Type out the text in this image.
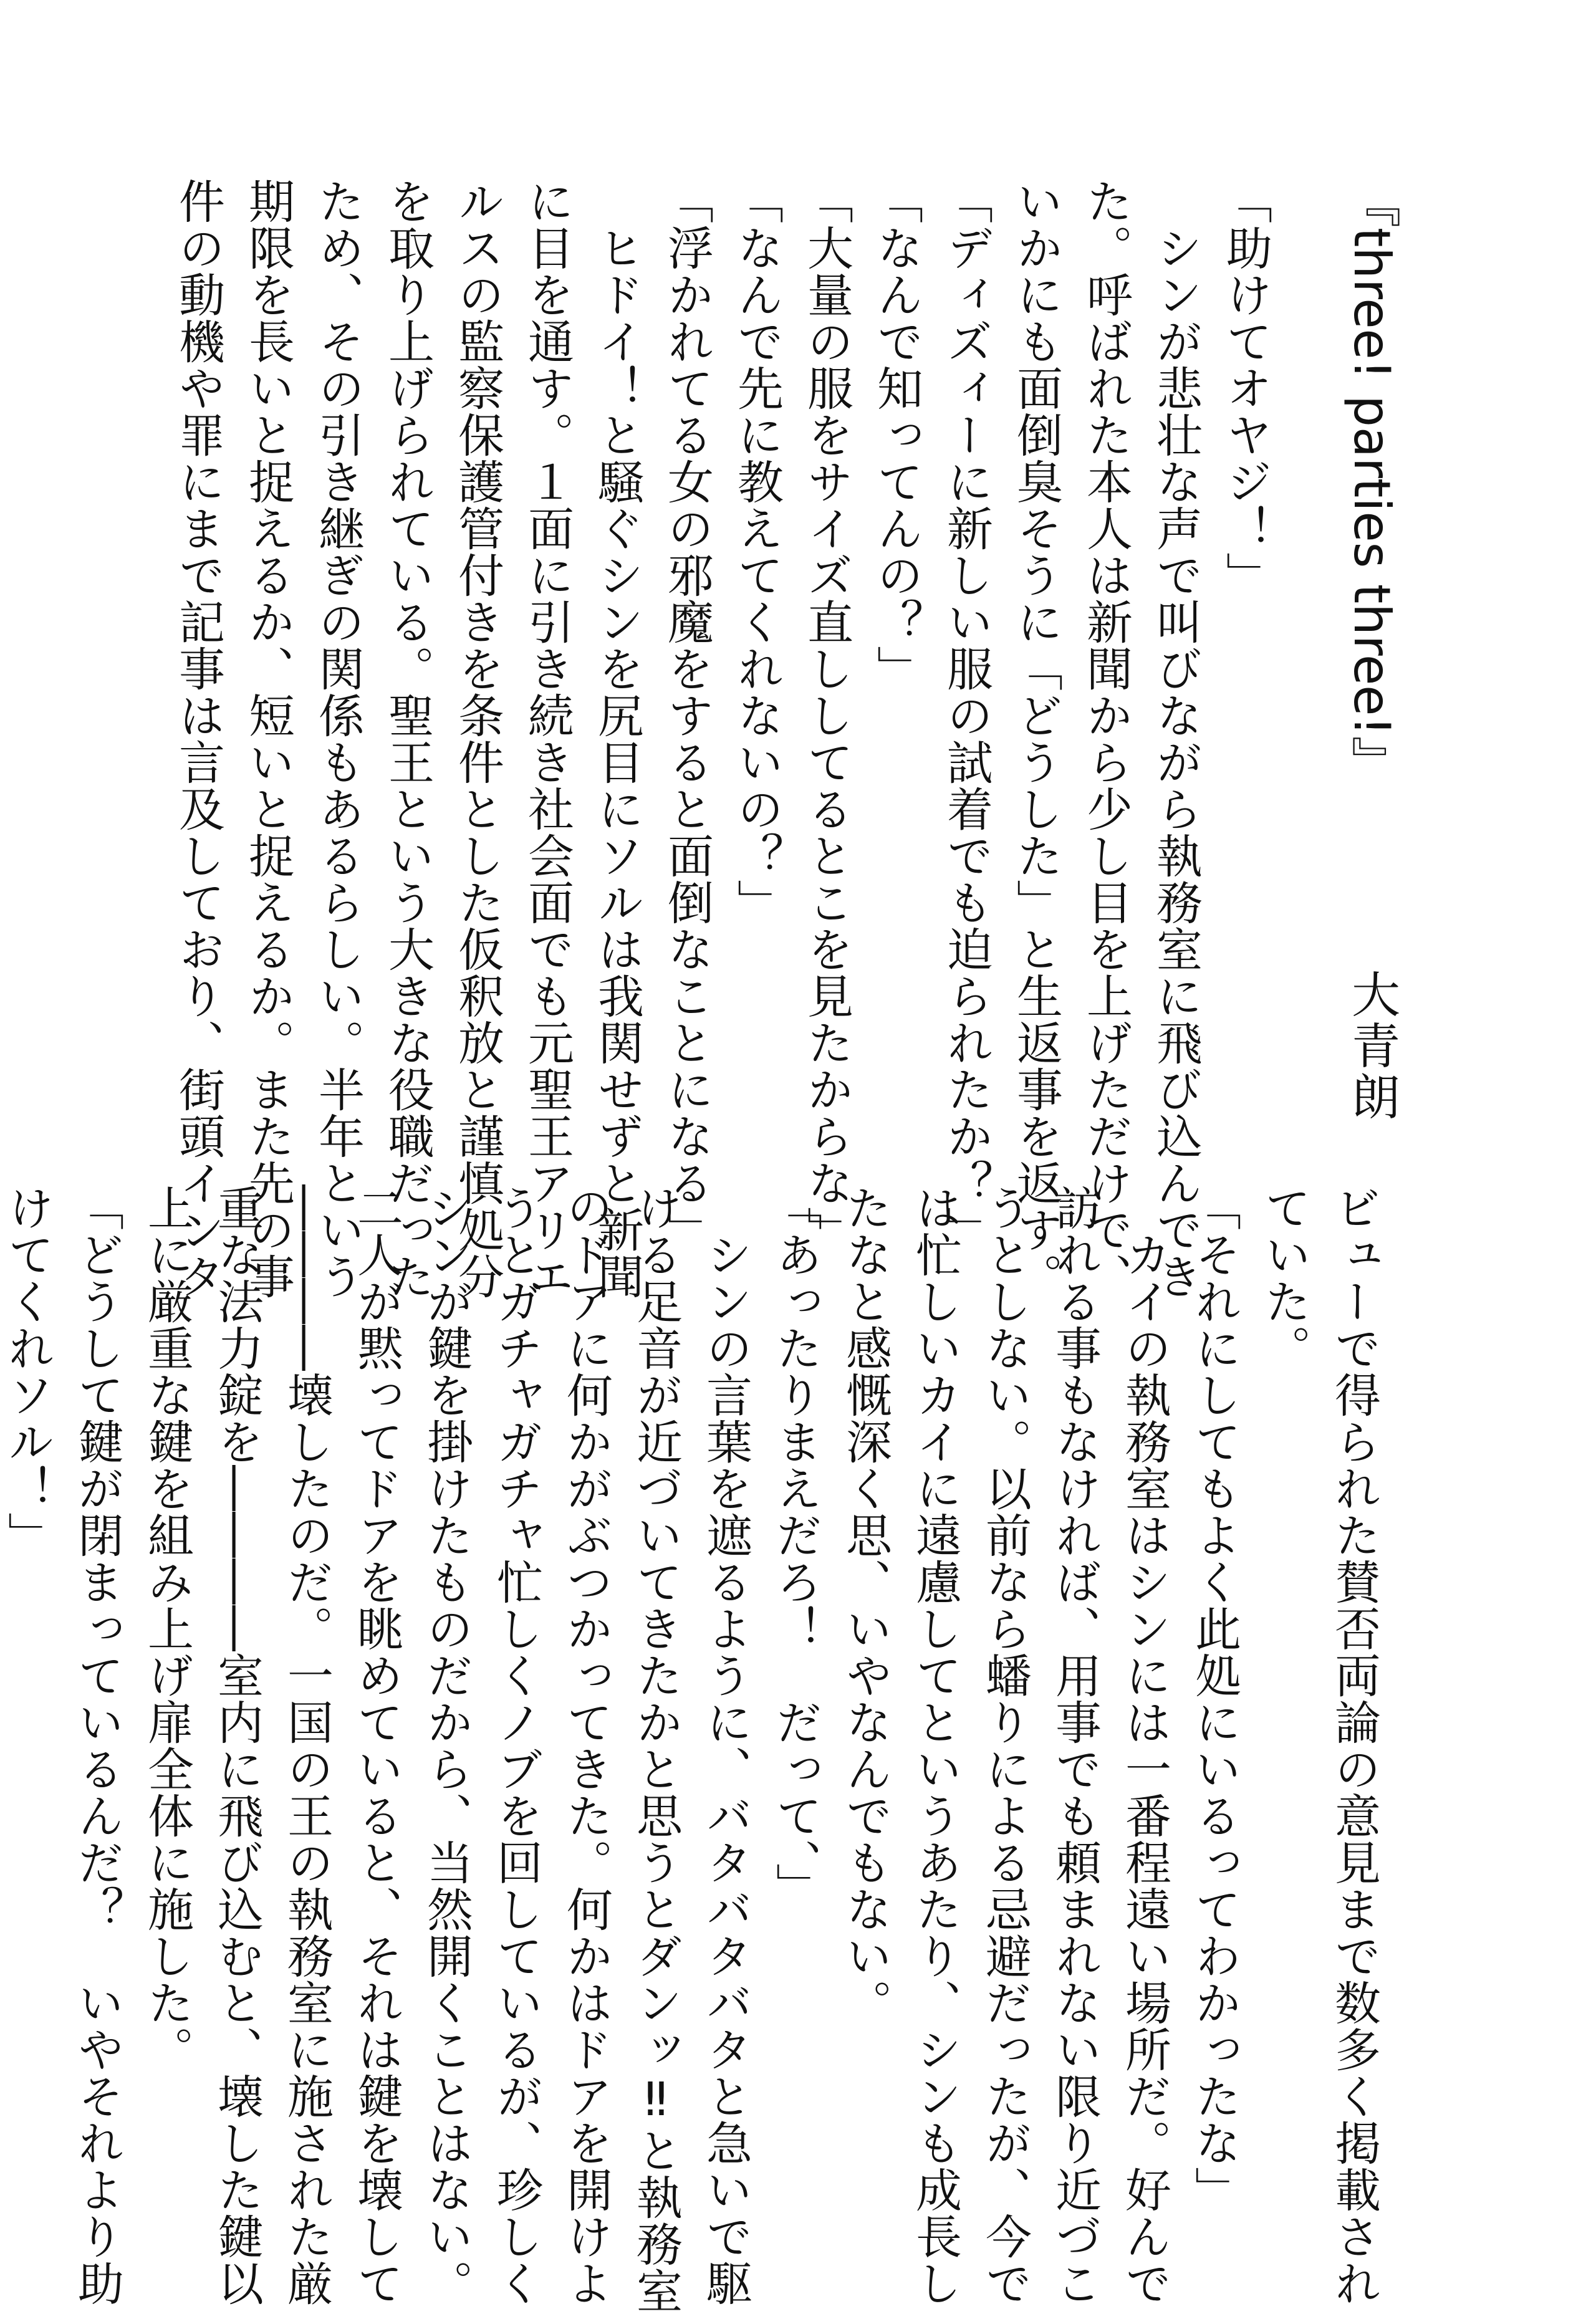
『three! parties three!』
大青朗

「助けてオヤジ！」

　シンが悲壮な声で叫びながら執務室に飛び込んでき

た。呼ばれた本人は新聞から少し目を上げただけで、

いかにも面倒臭そうに「どうした」と生返事を返す。

「ディズィーに新しい服の試着でも迫られたか？」

「なんで知ってんの？」

「大量の服をサイズ直ししてるとこを見たからな」

「なんで先に教えてくれないの？」

「浮かれてる女の邪魔をすると面倒なことになる」

　ヒドイ！と騒ぐシンを尻目にソルは我関せずと新聞

に目を通す。１面に引き続き社会面でも元聖王アリエ

ルスの監察保護管付きを条件とした仮釈放と謹慎処分

を取り上げられている。聖王という大きな役職だった

ため、その引き継ぎの関係もあるらしい。半年という

期限を長いと捉えるか、短いと捉えるか。また先の事

件の動機や罪にまで記事は言及しており、街頭インタ

ビューで得られた賛否両論の意見まで数多く掲載され

ていた。

「それにしてもよく此処にいるってわかったな」

　カイの執務室はシンには一番程遠い場所だ。好んで

訪れる事もなければ、用事でも頼まれない限り近づこ

うとしない。以前なら蟠りによる忌避だったが、今で

は忙しいカイに遠慮してというあたり、シンも成長し

たなと感慨深く思、いやなんでもない。

「あったりまえだろ！　だって、」

　シンの言葉を遮るように、バタバタバタと急いで駆

ける足音が近づいてきたかと思うとダンッ‼と執務室

のドアに何かがぶつかってきた。何かはドアを開けよ

うとガチャガチャ忙しくノブを回しているが、珍しく

シンが鍵を掛けたものだから、当然開くことはない。

二人が黙ってドアを眺めていると、それは鍵を壊して

――――壊したのだ。一国の王の執務室に施された厳

重な法力錠を――――室内に飛び込むと、壊した鍵以

上に厳重な鍵を組み上げ扉全体に施した。

「どうして鍵が閉まっているんだ？　いやそれより助

けてくれソル！」
